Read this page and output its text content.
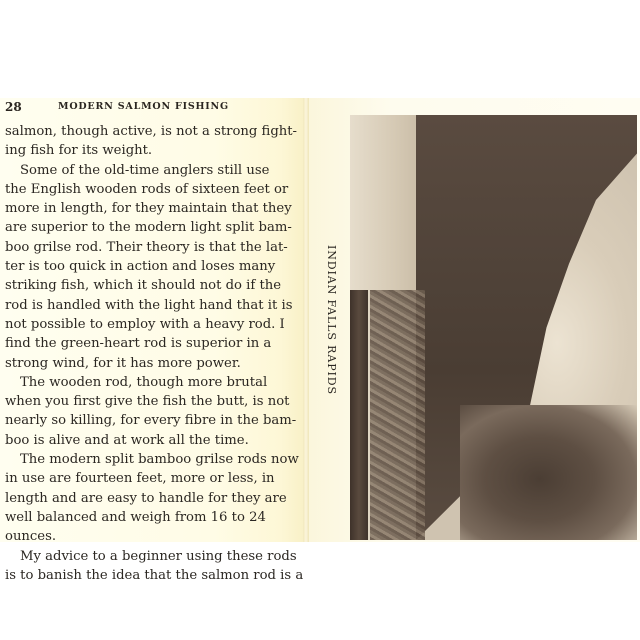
28	MODERN SALMON FISHING
salmon, though active, is not a strong fight-
ing fish for its weight.
Some of the old-time anglers still use
the English wooden rods of sixteen feet or
more in length, for they maintain that they
are superior to the modern light split bam-
boo grilse rod. Their theory is that the lat-
ter is too quick in action and loses many
striking fish, which it should not do if the
rod is handled with the light hand that it is
not possible to employ with a heavy rod. I
find the green-heart rod is superior in a
strong wind, for it has more power.
The wooden rod, though more brutal
when you first give the fish the butt, is not
nearly so killing, for every fibre in the bam-
boo is alive and at work all the time.
The modern split bamboo grilse rods now
in use are fourteen feet, more or less, in
length and are easy to handle for they are
well balanced and weigh from 16 to 24
ounces.
My advice to a beginner using these rods
is to banish the idea that the salmon rod is a
INDIAN FALLS RAPIDS
